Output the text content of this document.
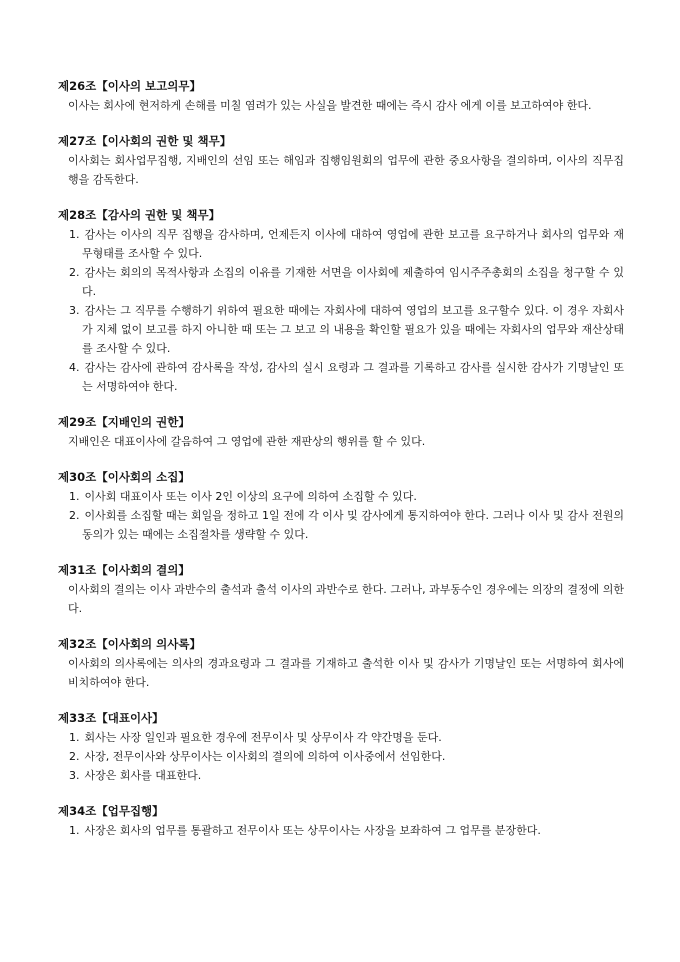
제26조【이사의 보고의무】
이사는 회사에 현저하게 손해를 미칠 염려가 있는 사실을 발견한 때에는 즉시 감사 에게 이를 보고하여야 한다.
제27조【이사회의 권한 및 책무】
이사회는 회사업무집행, 지배인의 선임 또는 해임과 집행임원회의 업무에 관한 중요사항을 결의하며, 이사의 직무집행을 감독한다.
제28조【감사의 권한 및 책무】
1. 감사는 이사의 직무 집행을 감사하며, 언제든지 이사에 대하여 영업에 관한 보고를 요구하거나 회사의 업무와 재무형태를 조사할 수 있다.
2. 감사는 회의의 목적사항과 소집의 이유를 기재한 서면을 이사회에 제출하여 임시주주총회의 소집을 청구할 수 있다.
3. 감사는 그 직무를 수행하기 위하여 필요한 때에는 자회사에 대하여 영업의 보고를 요구할수 있다. 이 경우 자회사가 지체 없이 보고를 하지 아니한 때 또는 그 보고 의 내용을 확인할 필요가 있을 때에는 자회사의 업무와 재산상태를 조사할 수 있다.
4. 감사는 감사에 관하여 감사록을 작성, 감사의 실시 요령과 그 결과를 기록하고 감사를 실시한 감사가 기명날인 또는 서명하여야 한다.
제29조【지배인의 권한】
지배인은 대표이사에 갈음하여 그 영업에 관한 재판상의 행위를 할 수 있다.
제30조【이사회의 소집】
1. 이사회 대표이사 또는 이사 2인 이상의 요구에 의하여 소집할 수 있다.
2. 이사회를 소집할 때는 회일을 정하고 1일 전에 각 이사 및 감사에게 통지하여야 한다. 그러나 이사 및 감사 전원의 동의가 있는 때에는 소집절차를 생략할 수 있다.
제31조【이사회의 결의】
이사회의 결의는 이사 과반수의 출석과 출석 이사의 과반수로 한다. 그러나, 과부동수인 경우에는 의장의 결정에 의한다.
제32조【이사회의 의사록】
이사회의 의사록에는 의사의 경과요령과 그 결과를 기재하고 출석한 이사 및 감사가 기명날인 또는 서명하여 회사에 비치하여야 한다.
제33조【대표이사】
1. 회사는 사장 일인과 필요한 경우에 전무이사 및 상무이사 각 약간명을 둔다.
2. 사장, 전무이사와 상무이사는 이사회의 결의에 의하여 이사중에서 선임한다.
3. 사장은 회사를 대표한다.
제34조【업무집행】
1. 사장은 회사의 업무를 통괄하고 전무이사 또는 상무이사는 사장을 보좌하여 그 업무를 분장한다.
